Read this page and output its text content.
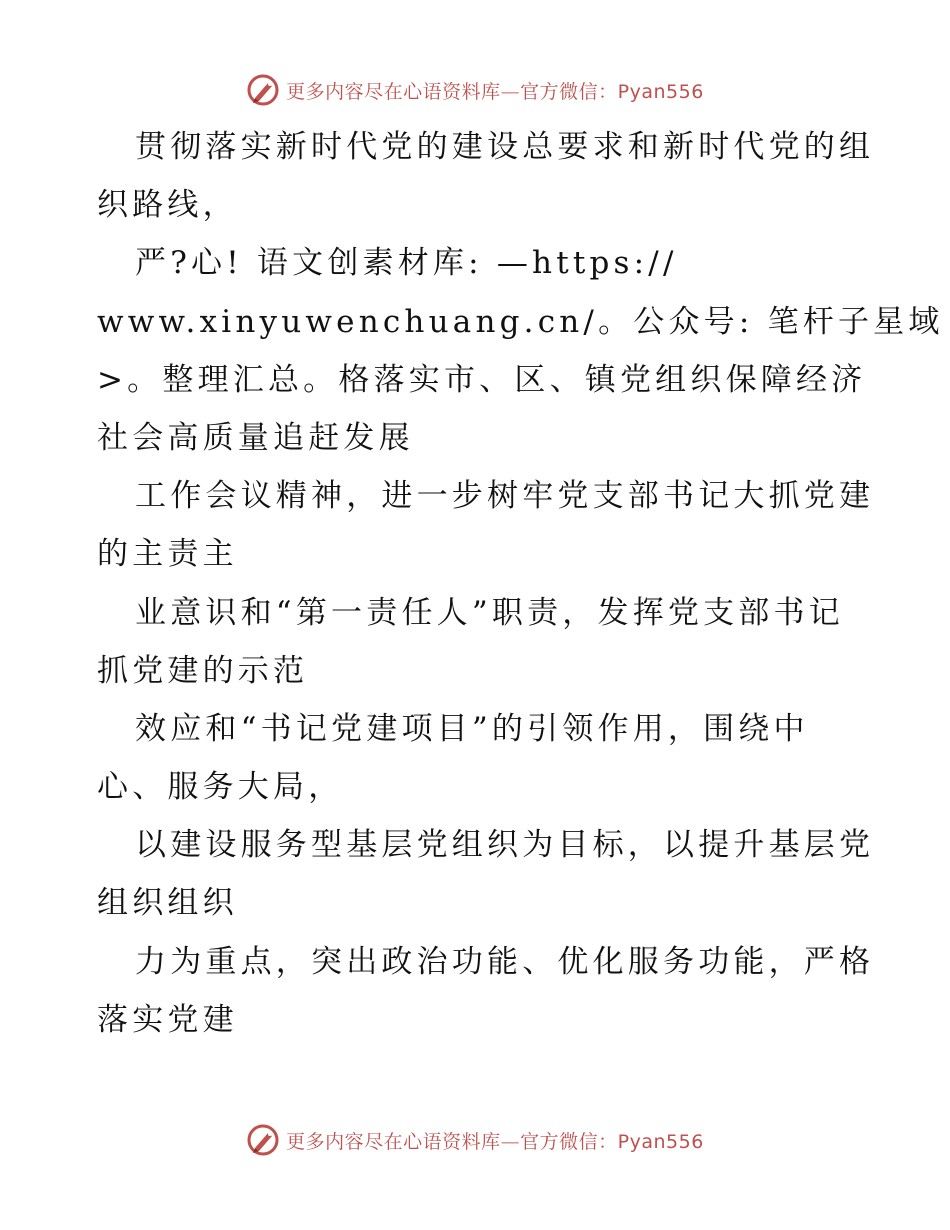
更多内容尽在心语资料库—官方微信：Pyan556
贯彻落实新时代党的建设总要求和新时代党的组
织路线，
严?心! 语文创素材库: —https://
www.xinyuwenchuang.cn/。公众号: 笔杆子星域
>。整理汇总。格落实市、区、镇党组织保障经济
社会高质量追赶发展
工作会议精神，进一步树牢党支部书记大抓党建
的主责主
业意识和“第一责任人”职责，发挥党支部书记
抓党建的示范
效应和“书记党建项目”的引领作用，围绕中
心、服务大局，
以建设服务型基层党组织为目标，以提升基层党
组织组织
力为重点，突出政治功能、优化服务功能，严格
落实党建
更多内容尽在心语资料库—官方微信：Pyan556
